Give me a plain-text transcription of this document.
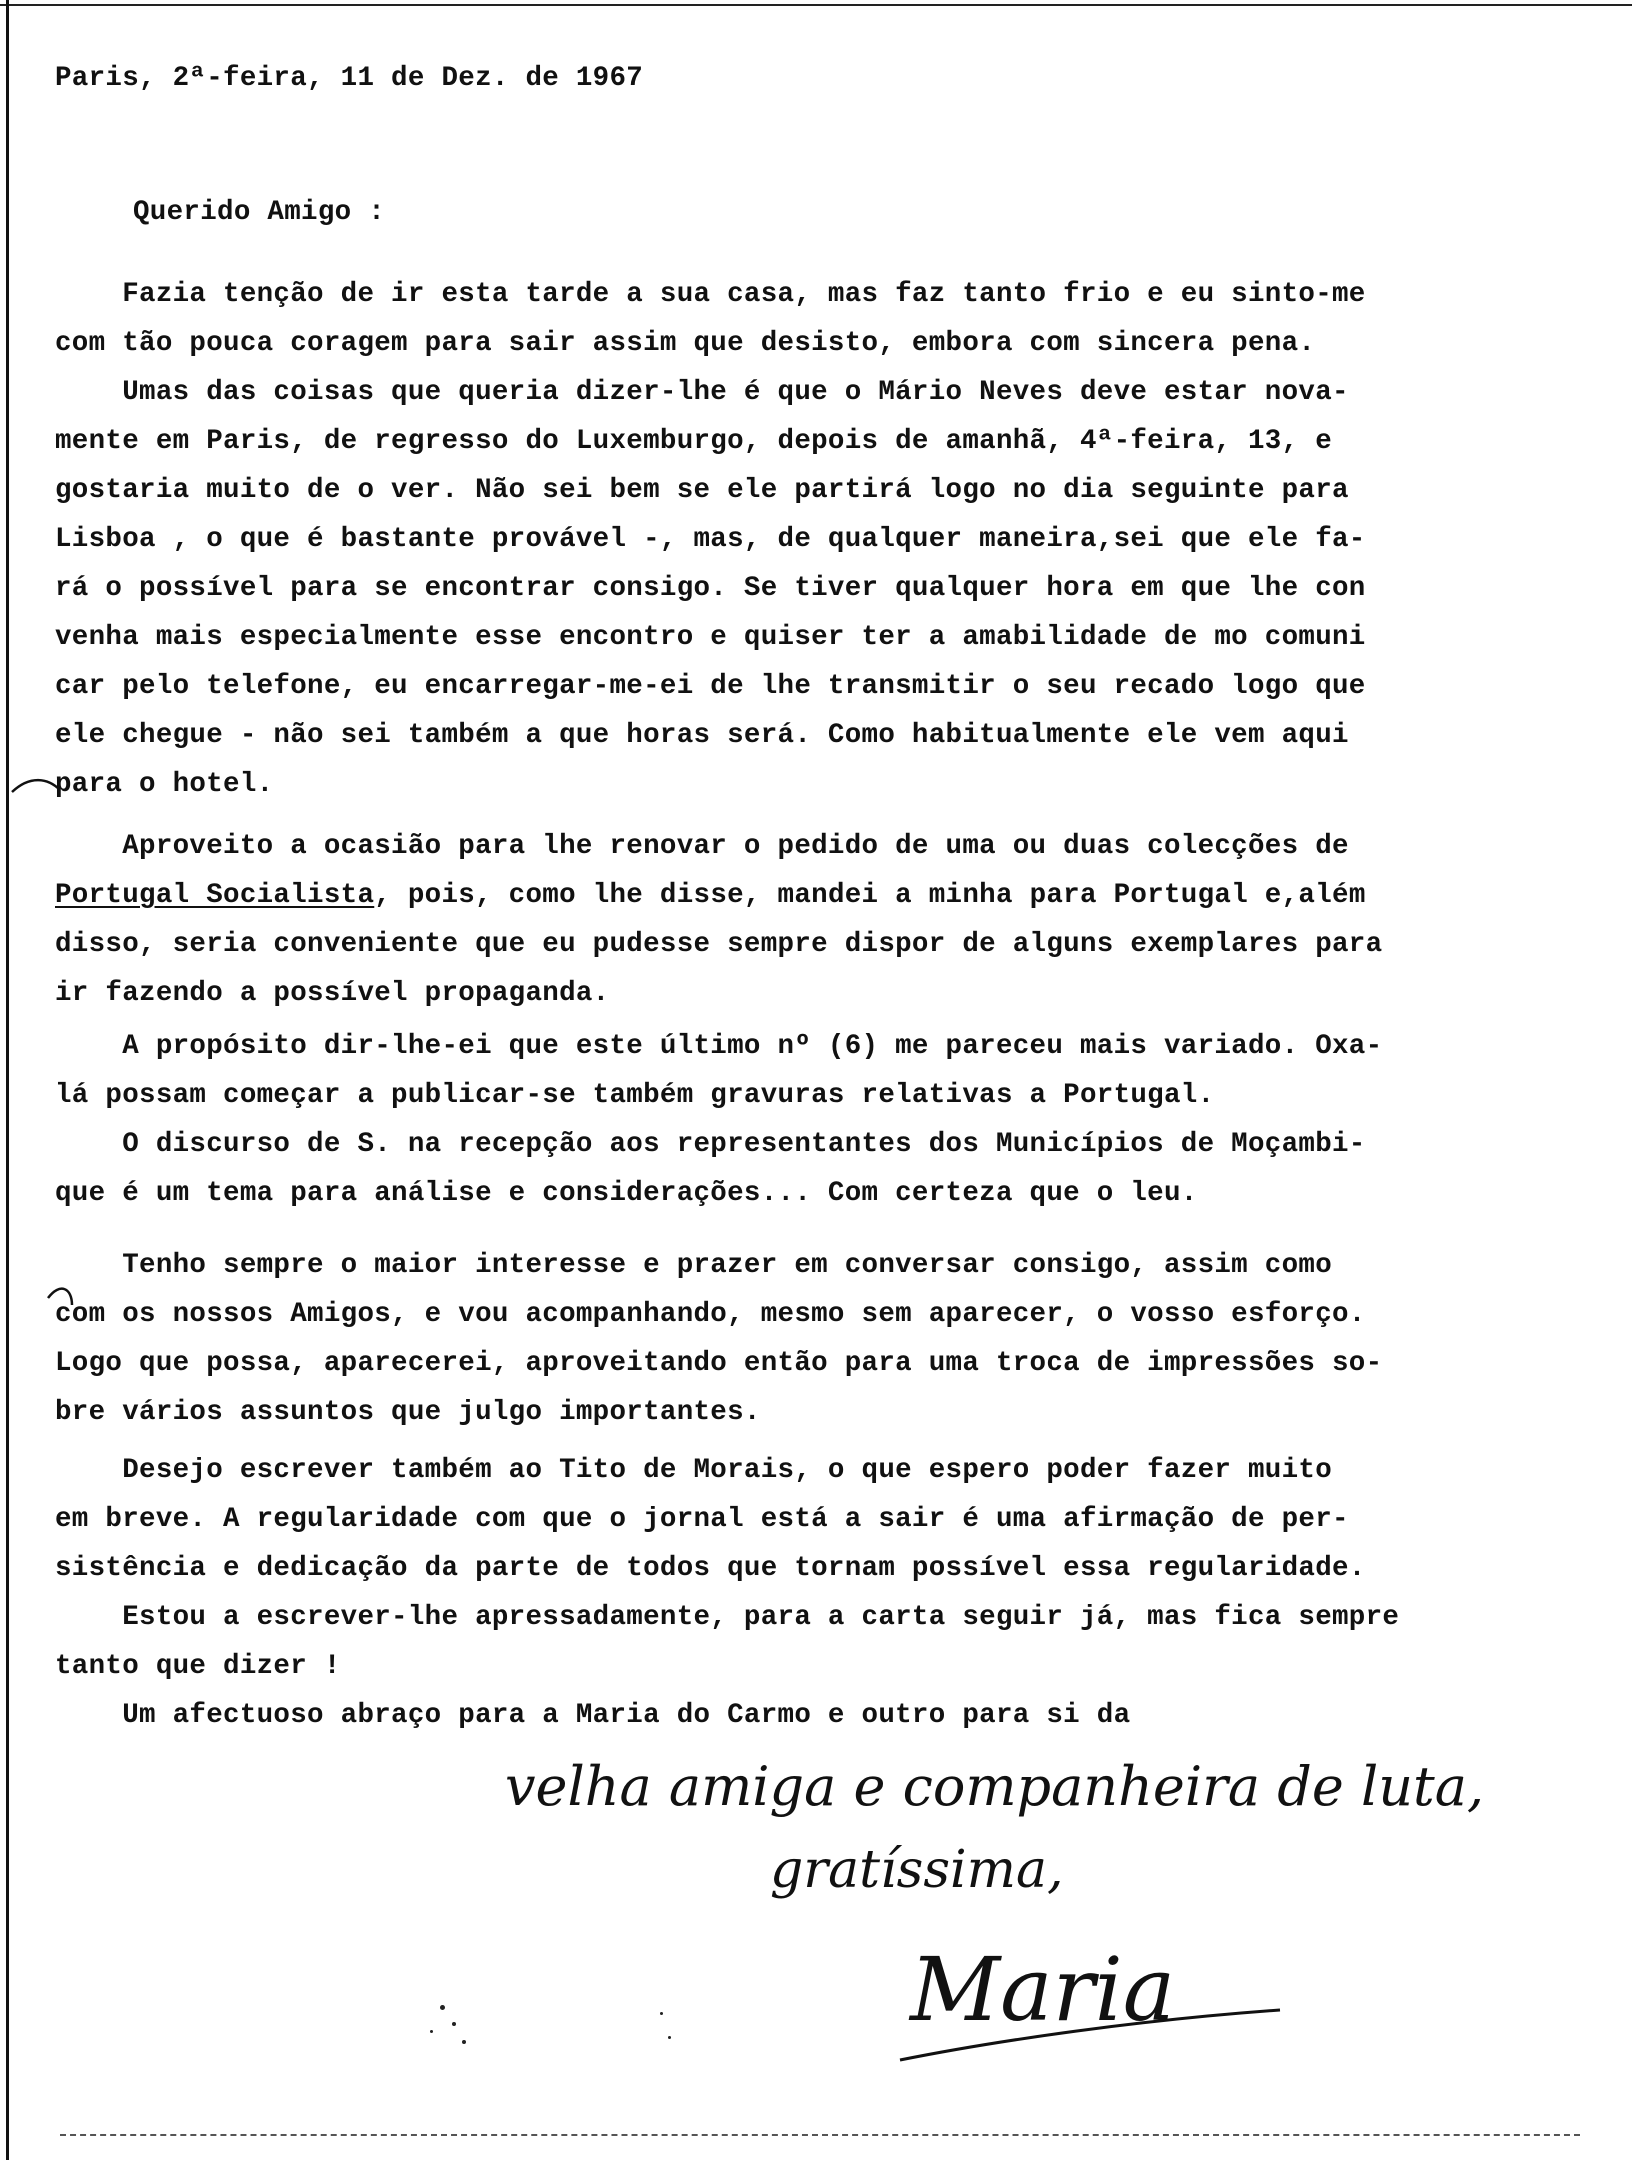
Paris, 2ª-feira, 11 de Dez. de 1967
Querido Amigo :
Fazia tenção de ir esta tarde a sua casa, mas faz tanto frio e eu sinto-me
com tão pouca coragem para sair assim que desisto, embora com sincera pena.
Umas das coisas que queria dizer-lhe é que o Mário Neves deve estar nova-
mente em Paris, de regresso do Luxemburgo, depois de amanhã, 4ª-feira, 13, e
gostaria muito de o ver. Não sei bem se ele partirá logo no dia seguinte para
Lisboa , o que é bastante provável -, mas, de qualquer maneira,sei que ele fa-
rá o possível para se encontrar consigo. Se tiver qualquer hora em que lhe con
venha mais especialmente esse encontro e quiser ter a amabilidade de mo comuni
car pelo telefone, eu encarregar-me-ei de lhe transmitir o seu recado logo que
ele chegue - não sei também a que horas será. Como habitualmente ele vem aqui
para o hotel.
Aproveito a ocasião para lhe renovar o pedido de uma ou duas colecções de
Portugal Socialista, pois, como lhe disse, mandei a minha para Portugal e,além
disso, seria conveniente que eu pudesse sempre dispor de alguns exemplares para
ir fazendo a possível propaganda.
A propósito dir-lhe-ei que este último nº (6) me pareceu mais variado. Oxa-
lá possam começar a publicar-se também gravuras relativas a Portugal.
O discurso de S. na recepção aos representantes dos Municípios de Moçambi-
que é um tema para análise e considerações... Com certeza que o leu.
Tenho sempre o maior interesse e prazer em conversar consigo, assim como
com os nossos Amigos, e vou acompanhando, mesmo sem aparecer, o vosso esforço.
Logo que possa, aparecerei, aproveitando então para uma troca de impressões so-
bre vários assuntos que julgo importantes.
Desejo escrever também ao Tito de Morais, o que espero poder fazer muito
em breve. A regularidade com que o jornal está a sair é uma afirmação de per-
sistência e dedicação da parte de todos que tornam possível essa regularidade.
Estou a escrever-lhe apressadamente, para a carta seguir já, mas fica sempre
tanto que dizer !
Um afectuoso abraço para a Maria do Carmo e outro para si da
velha amiga e companheira de luta,
gratíssima,
Maria
